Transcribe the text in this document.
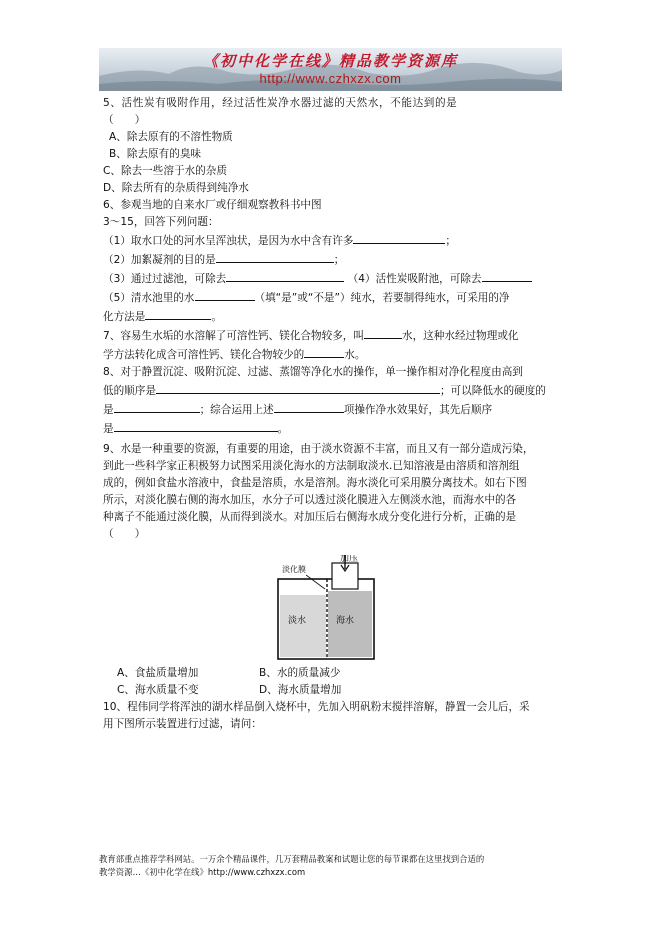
《初中化学在线》精品教学资源库
http://www.czhxzx.com

5、活性炭有吸附作用，经过活性炭净水器过滤的天然水，不能达到的是

（　　）

A、除去原有的不溶性物质

B、除去原有的臭味

C、除去一些溶于水的杂质

D、除去所有的杂质得到纯净水

6、参观当地的自来水厂或仔细观察教科书中图

3～15，回答下列问题：

（1）取水口处的河水呈浑浊状，是因为水中含有许多	；

（2）加絮凝剂的目的是	；

（3）通过过滤池，可除去	（4）活性炭吸附池，可除去

（5）清水池里的水	（填“是”或“不是”）纯水，若要制得纯水，可采用的净

化方法是	。

7、容易生水垢的水溶解了可溶性钙、镁化合物较多，叫	水，这种水经过物理或化

学方法转化成含可溶性钙、镁化合物较少的	水。

8、对于静置沉淀、吸附沉淀、过滤、蒸馏等净化水的操作，单一操作相对净化程度由高到

低的顺序是	；可以降低水的硬度的

是	；综合运用上述	项操作净水效果好，其先后顺序

是	。

9、水是一种重要的资源，有重要的用途，由于淡水资源不丰富，而且又有一部分造成污染，

到此一些科学家正积极努力试图采用淡化海水的方法制取淡水.已知溶液是由溶质和溶剂组

成的，例如食盐水溶液中，食盐是溶质，水是溶剂。海水淡化可采用膜分离技术。如右下图

所示，对淡化膜右侧的海水加压，水分子可以透过淡化膜进入左侧淡水池，而海水中的各

种离子不能通过淡化膜，从而得到淡水。对加压后右侧海水成分变化进行分析，正确的是

（　　）

加压
淡化膜
淡水	海水
A、食盐质量增加	B、水的质量减少
C、海水质量不变	D、海水质量增加

10、程伟同学将浑浊的湖水样品倒入烧杯中，先加入明矾粉末搅拌溶解，静置一会儿后，采

用下图所示装置进行过滤，请问：

教育部重点推荐学科网站。一万余个精品课件，几万套精品教案和试题让您的每节课都在这里找到合适的
教学资源…《初中化学在线》http://www.czhxzx.com
